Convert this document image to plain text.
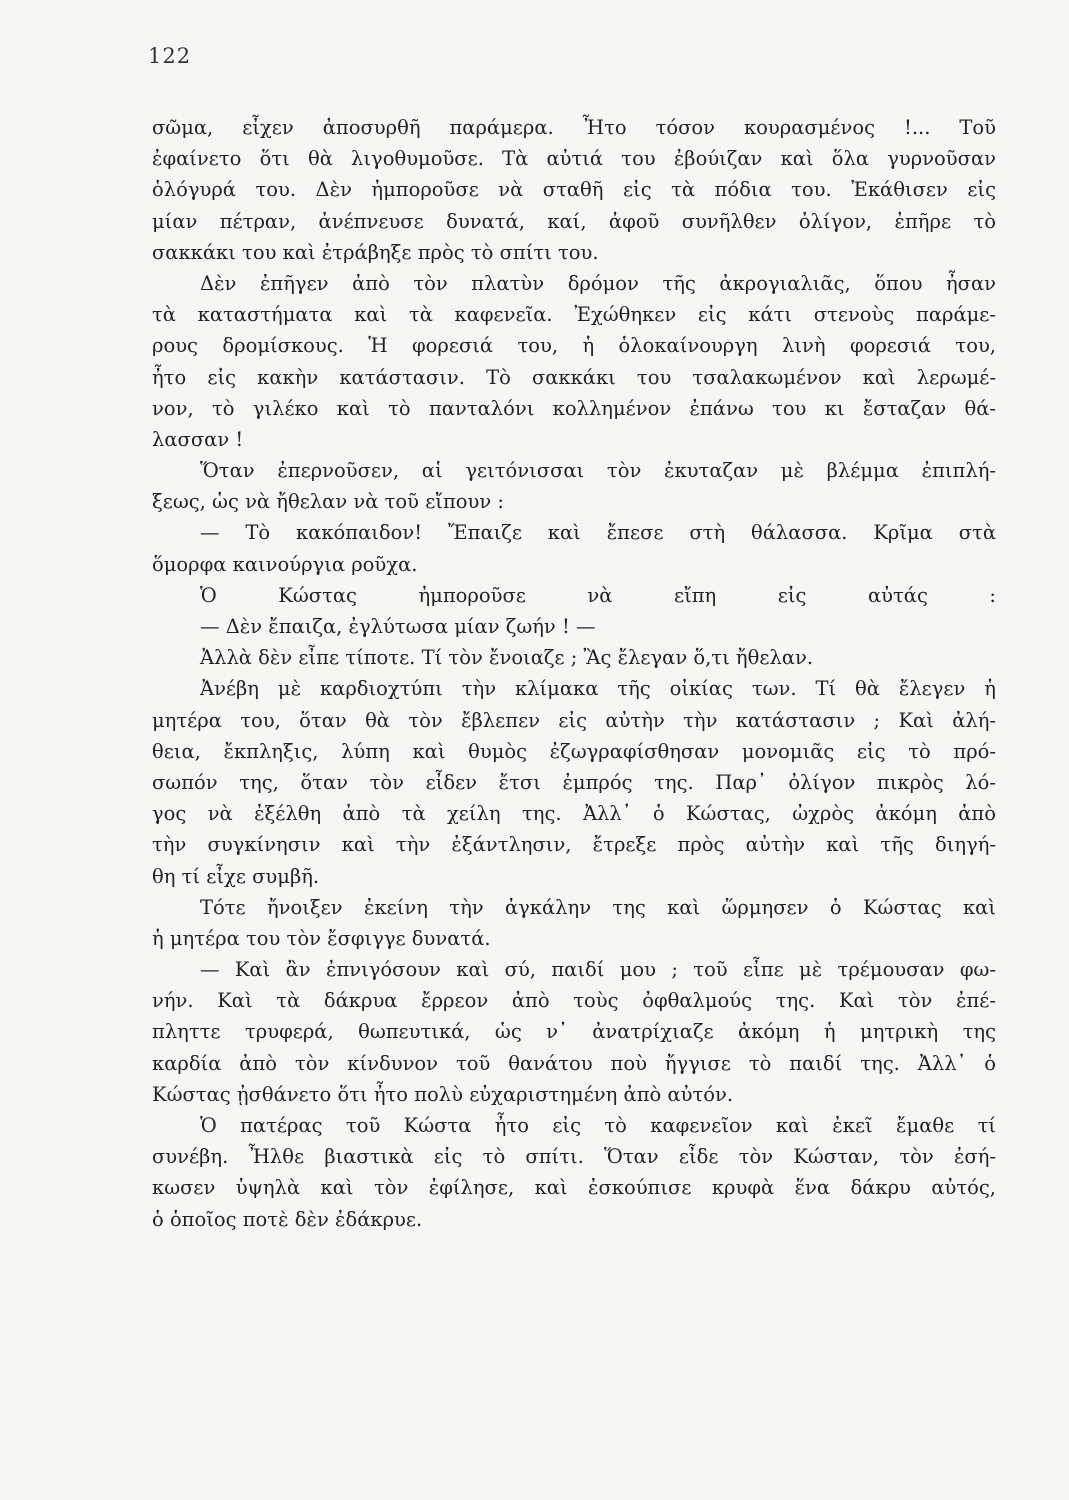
122
σῶμα, εἶχεν ἀποσυρθῆ παράμερα. Ἦτο τόσον κουρασμένος !... Τοῦ
ἐφαίνετο ὅτι θὰ λιγοθυμοῦσε. Τὰ αὐτιά του ἐβούιζαν καὶ ὅλα γυρνοῦσαν
ὁλόγυρά του. Δὲν ἠμποροῦσε νὰ σταθῆ εἰς τὰ πόδια του. Ἐκάθισεν εἰς
μίαν πέτραν, ἀνέπνευσε δυνατά, καί, ἀφοῦ συνῆλθεν ὀλίγον, ἐπῆρε τὸ
σακκάκι του καὶ ἐτράβηξε πρὸς τὸ σπίτι του.
Δὲν ἐπῆγεν ἀπὸ τὸν πλατὺν δρόμον τῆς ἀκρογιαλιᾶς, ὅπου ἦσαν
τὰ καταστήματα καὶ τὰ καφενεῖα. Ἐχώθηκεν εἰς κάτι στενοὺς παράμε-
ρους δρομίσκους. Ἡ φορεσιά του, ἡ ὁλοκαίνουργη λινὴ φορεσιά του,
ἦτο εἰς κακὴν κατάστασιν. Τὸ σακκάκι του τσαλακωμένον καὶ λερωμέ-
νον, τὸ γιλέκο καὶ τὸ πανταλόνι κολλημένον ἐπάνω του κι ἔσταζαν θά-
λασσαν !
Ὅταν ἐπερνοῦσεν, αἱ γειτόνισσαι τὸν ἐκυταζαν μὲ βλέμμα ἐπιπλή-
ξεως, ὡς νὰ ἤθελαν νὰ τοῦ εἴπουν :
— Τὸ κακόπαιδον! Ἔπαιζε καὶ ἔπεσε στὴ θάλασσα. Κρῖμα στὰ
ὅμορφα καινούργια ροῦχα.
Ὁ Κώστας ἠμποροῦσε νὰ εἴπη εἰς αὐτάς :
— Δὲν ἔπαιζα, ἐγλύτωσα μίαν ζωήν ! —
Ἀλλὰ δὲν εἶπε τίποτε. Τί τὸν ἔνοιαζε ; Ἂς ἔλεγαν ὅ,τι ἤθελαν.
Ἀνέβη μὲ καρδιοχτύπι τὴν κλίμακα τῆς οἰκίας των. Τί θὰ ἔλεγεν ἡ
μητέρα του, ὅταν θὰ τὸν ἔβλεπεν εἰς αὐτὴν τὴν κατάστασιν ; Καὶ ἀλή-
θεια, ἔκπληξις, λύπη καὶ θυμὸς ἐζωγραφίσθησαν μονομιᾶς εἰς τὸ πρό-
σωπόν της, ὅταν τὸν εἶδεν ἔτσι ἐμπρός της. Παρ᾽ ὀλίγον πικρὸς λό-
γος νὰ ἐξέλθη ἀπὸ τὰ χείλη της. Ἀλλ᾽ ὁ Κώστας, ὠχρὸς ἀκόμη ἀπὸ
τὴν συγκίνησιν καὶ τὴν ἐξάντλησιν, ἔτρεξε πρὸς αὐτὴν καὶ τῆς διηγή-
θη τί εἶχε συμβῆ.
Τότε ἤνοιξεν ἐκείνη τὴν ἀγκάλην της καὶ ὥρμησεν ὁ Κώστας καὶ
ἡ μητέρα του τὸν ἔσφιγγε δυνατά.
— Καὶ ἂν ἐπνιγόσουν καὶ σύ, παιδί μου ; τοῦ εἶπε μὲ τρέμουσαν φω-
νήν. Καὶ τὰ δάκρυα ἔρρεον ἀπὸ τοὺς ὀφθαλμούς της. Καὶ τὸν ἐπέ-
πληττε τρυφερά, θωπευτικά, ὡς ν᾽ ἀνατρίχιαζε ἀκόμη ἡ μητρικὴ της
καρδία ἀπὸ τὸν κίνδυνον τοῦ θανάτου ποὺ ἤγγισε τὸ παιδί της. Ἀλλ᾽ ὁ
Κώστας ᾐσθάνετο ὅτι ἦτο πολὺ εὐχαριστημένη ἀπὸ αὐτόν.
Ὁ πατέρας τοῦ Κώστα ἦτο εἰς τὸ καφενεῖον καὶ ἐκεῖ ἔμαθε τί
συνέβη. Ἦλθε βιαστικὰ εἰς τὸ σπίτι. Ὅταν εἶδε τὸν Κώσταν, τὸν ἐσή-
κωσεν ὑψηλὰ καὶ τὸν ἐφίλησε, καὶ ἐσκούπισε κρυφὰ ἕνα δάκρυ αὐτός,
ὁ ὁποῖος ποτὲ δὲν ἐδάκρυε.
